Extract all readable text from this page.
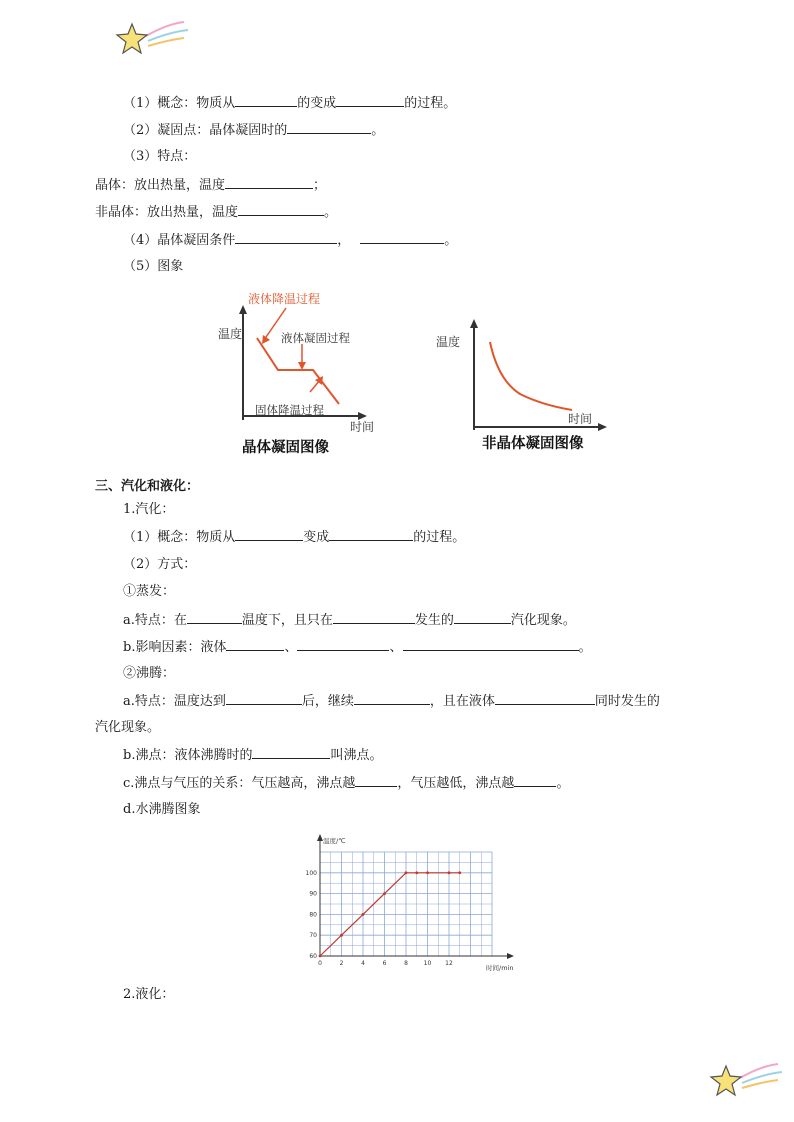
（1）概念：物质从	的变成	的过程。
（2）凝固点：晶体凝固时的	。
（3）特点：
晶体：放出热量，温度	；
非晶体：放出热量，温度	。
（4）晶体凝固条件	，	。
（5）图象
温度
时间
液体降温过程
液体凝固过程
固体降温过程
晶体凝固图像
温度
时间
非晶体凝固图像
三、汽化和液化：
1.汽化：
（1）概念：物质从	变成	的过程。
（2）方式：
①蒸发：
a.特点：在	温度下，且只在	发生的	汽化现象。
b.影响因素：液体	、	、	。
②沸腾：
a.特点：温度达到	后，继续	，且在液体	同时发生的
汽化现象。
b.沸点：液体沸腾时的	叫沸点。
c.沸点与气压的关系：气压越高，沸点越	，气压越低，沸点越	。
d.水沸腾图象
0	2	4	6	8	10 12
60
70
80
90
100
温度/℃
时间/min
2.液化：
